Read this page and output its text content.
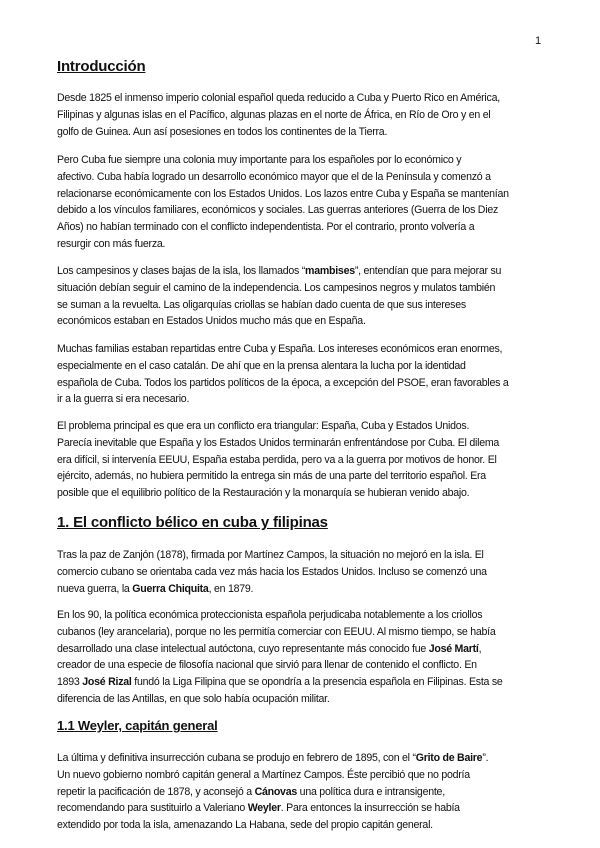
1
Introducción
Desde 1825 el inmenso imperio colonial español queda reducido a Cuba y Puerto Rico en América,
Filipinas y algunas islas en el Pacífico, algunas plazas en el norte de África, en Río de Oro y en el
golfo de Guinea. Aun así posesiones en todos los continentes de la Tierra.
Pero Cuba fue siempre una colonia muy importante para los españoles por lo económico y
afectivo. Cuba había logrado un desarrollo económico mayor que el de la Península y comenzó a
relacionarse económicamente con los Estados Unidos. Los lazos entre Cuba y España se mantenían
debido a los vínculos familiares, económicos y sociales. Las guerras anteriores (Guerra de los Diez
Años) no habían terminado con el conflicto independentista. Por el contrario, pronto volvería a
resurgir con más fuerza.
Los campesinos y clases bajas de la isla, los llamados “mambises”, entendían que para mejorar su
situación debían seguir el camino de la independencia. Los campesinos negros y mulatos también
se suman a la revuelta. Las oligarquías criollas se habían dado cuenta de que sus intereses
económicos estaban en Estados Unidos mucho más que en España.
Muchas familias estaban repartidas entre Cuba y España. Los intereses económicos eran enormes,
especialmente en el caso catalán. De ahí que en la prensa alentara la lucha por la identidad
española de Cuba. Todos los partidos políticos de la época, a excepción del PSOE, eran favorables a
ir a la guerra si era necesario.
El problema principal es que era un conflicto era triangular: España, Cuba y Estados Unidos.
Parecía inevitable que España y los Estados Unidos terminarán enfrentándose por Cuba. El dilema
era difícil, si intervenía EEUU, España estaba perdida, pero va a la guerra por motivos de honor. El
ejército, además, no hubiera permitido la entrega sin más de una parte del territorio español. Era
posible que el equilibrio político de la Restauración y la monarquía se hubieran venido abajo.
1. El conflicto bélico en cuba y filipinas
Tras la paz de Zanjón (1878), firmada por Martínez Campos, la situación no mejoró en la isla. El
comercio cubano se orientaba cada vez más hacia los Estados Unidos. Incluso se comenzó una
nueva guerra, la Guerra Chiquita, en 1879.
En los 90, la política económica proteccionista española perjudicaba notablemente a los criollos
cubanos (ley arancelaria), porque no les permitía comerciar con EEUU. Al mismo tiempo, se había
desarrollado una clase intelectual autóctona, cuyo representante más conocido fue José Martí,
creador de una especie de filosofía nacional que sirvió para llenar de contenido el conflicto. En
1893 José Rizal fundó la Liga Filipina que se opondría a la presencia española en Filipinas. Esta se
diferencia de las Antillas, en que solo había ocupación militar.
1.1 Weyler, capitán general
La última y definitiva insurrección cubana se produjo en febrero de 1895, con el “Grito de Baire”.
Un nuevo gobierno nombró capitán general a Martínez Campos. Éste percibió que no podría
repetir la pacificación de 1878, y aconsejó a Cánovas una política dura e intransigente,
recomendando para sustituirlo a Valeriano Weyler. Para entonces la insurrección se había
extendido por toda la isla, amenazando La Habana, sede del propio capitán general.
